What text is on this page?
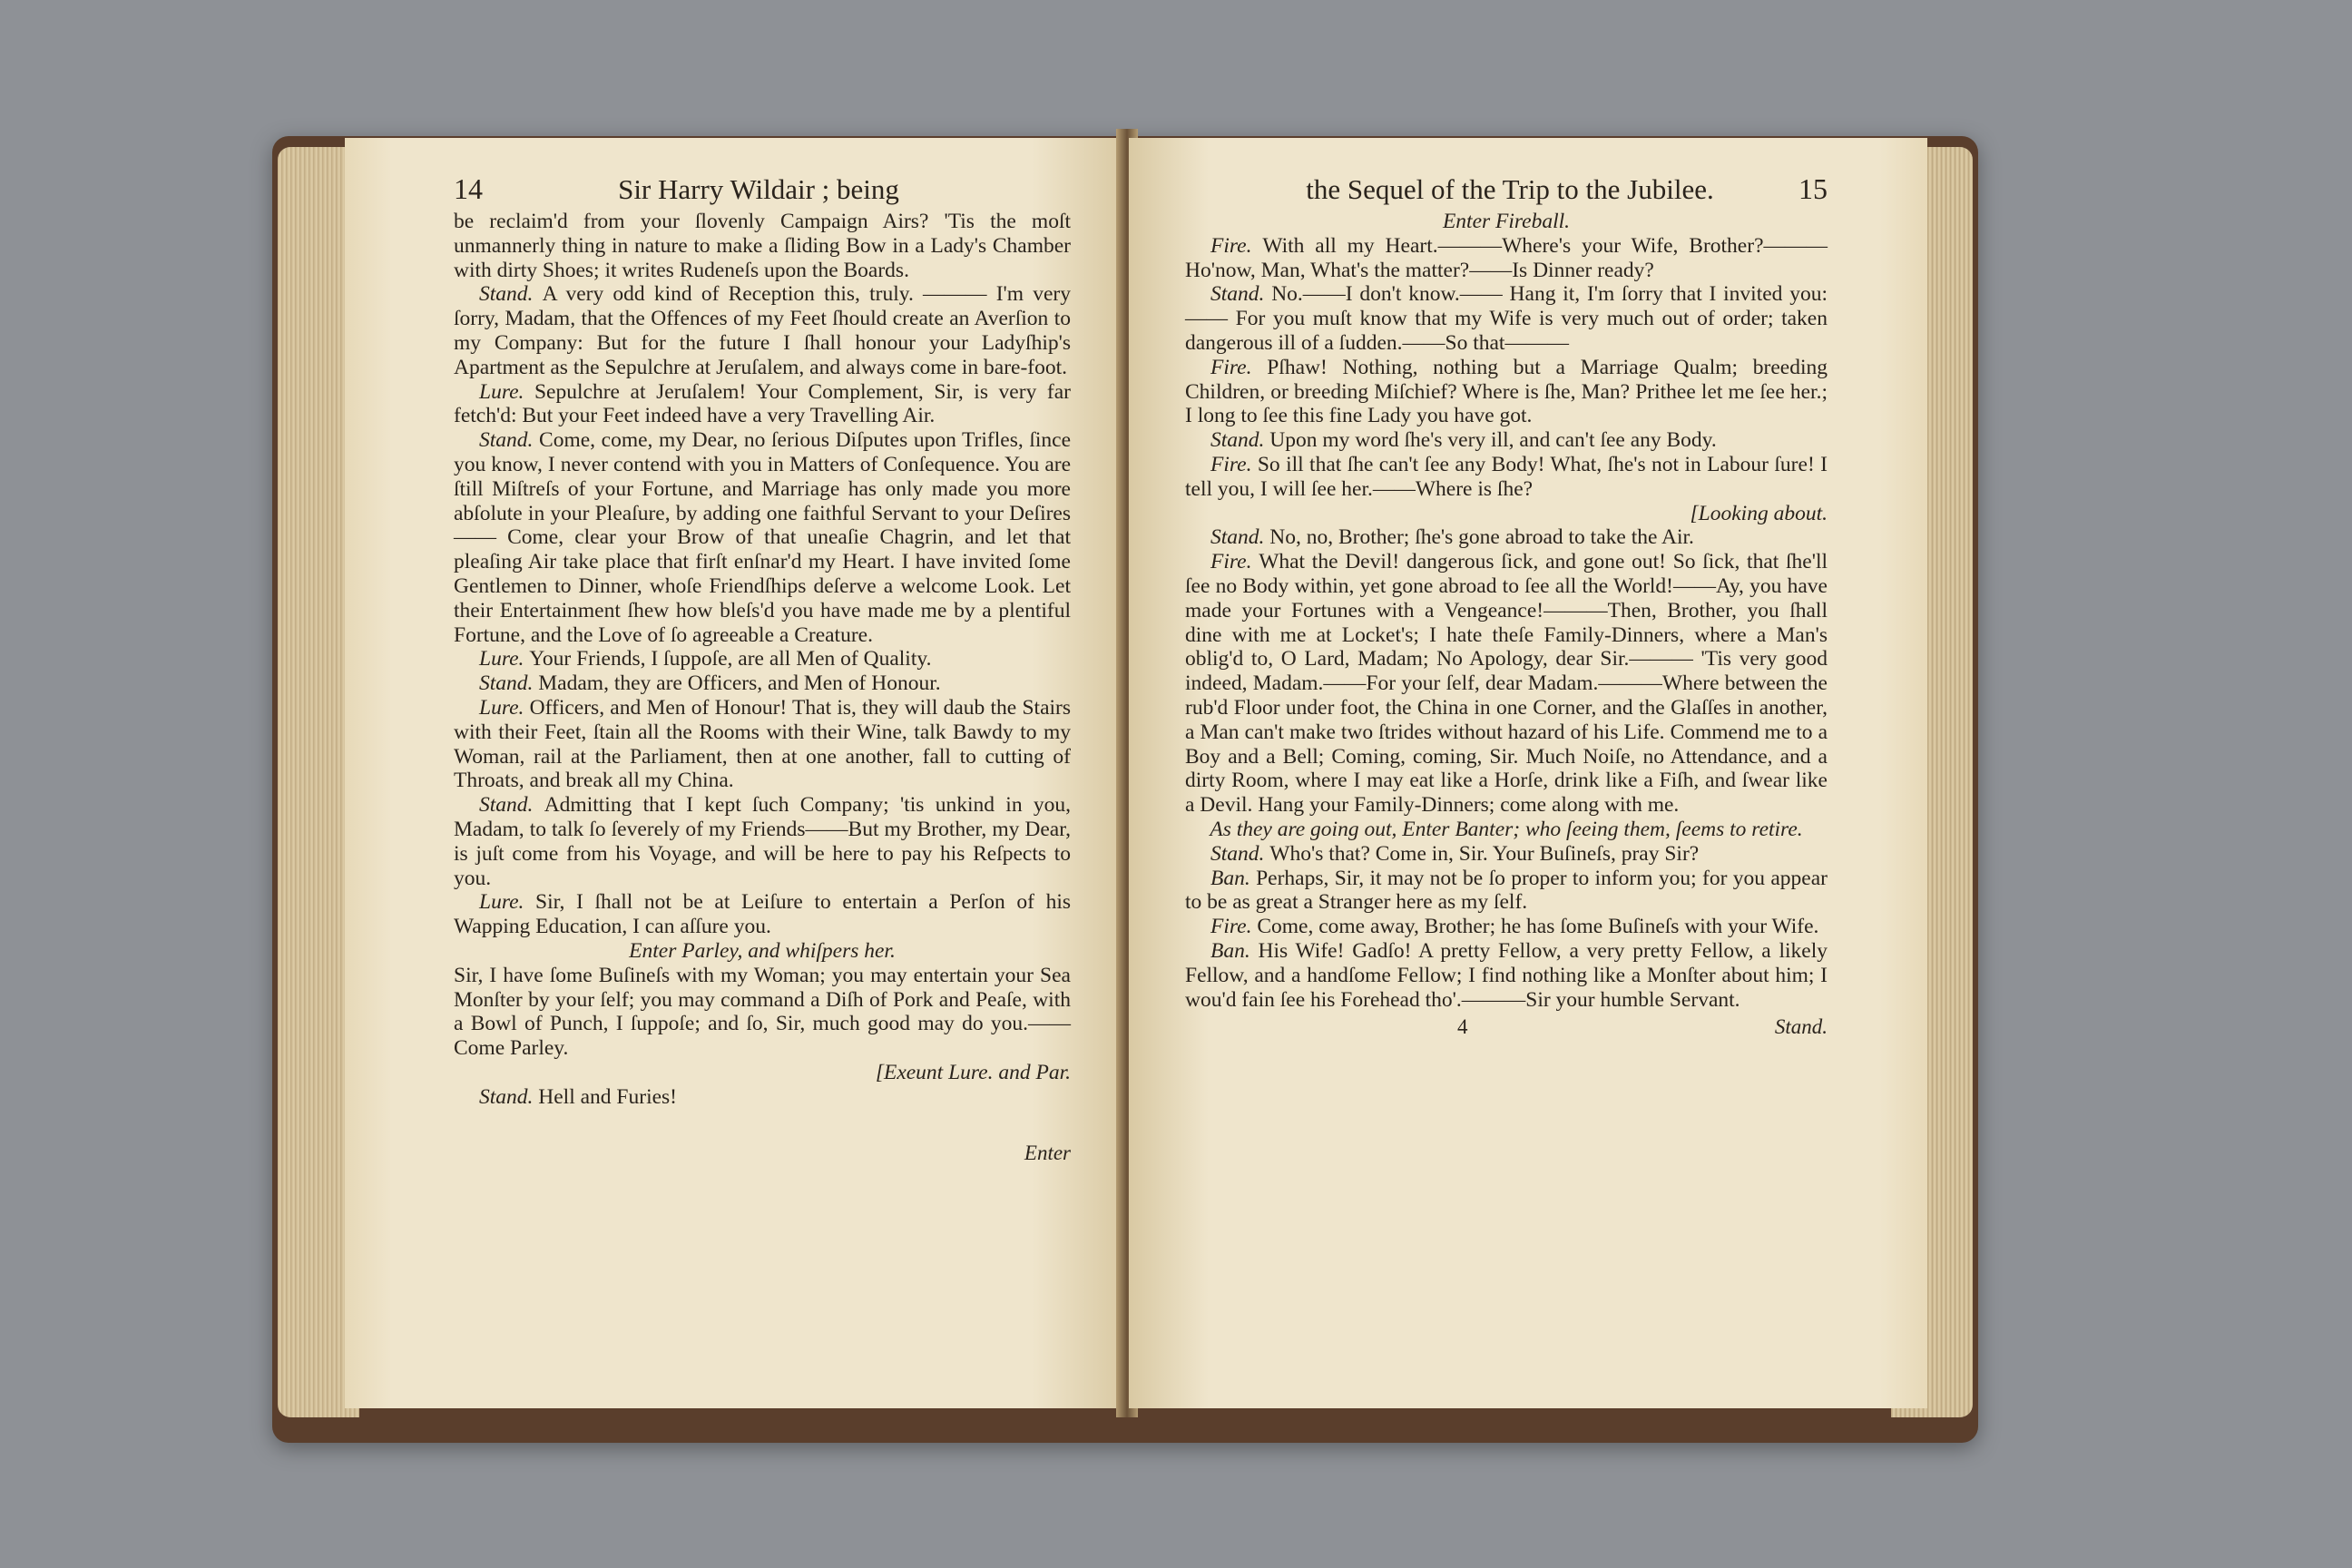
14	Sir Harry Wildair ; being

be reclaim'd from your ſlovenly Campaign Airs? 'Tis the moſt unmannerly thing in nature to make a ſliding Bow in a Lady's Chamber with dirty Shoes; it writes Rudeneſs upon the Boards.

Stand. A very odd kind of Reception this, truly. ——— I'm very ſorry, Madam, that the Offences of my Feet ſhould create an Averſion to my Company: But for the future I ſhall honour your Ladyſhip's Apartment as the Sepulchre at Jeruſalem, and always come in bare-foot.

Lure. Sepulchre at Jeruſalem! Your Complement, Sir, is very far fetch'd: But your Feet indeed have a very Travelling Air.

Stand. Come, come, my Dear, no ſerious Diſputes upon Trifles, ſince you know, I never contend with you in Matters of Conſequence. You are ſtill Miſtreſs of your Fortune, and Marriage has only made you more abſolute in your Pleaſure, by adding one faithful Servant to your Deſires—— Come, clear your Brow of that uneaſie Chagrin, and let that pleaſing Air take place that firſt enſnar'd my Heart. I have invited ſome Gentlemen to Dinner, whoſe Friendſhips deſerve a welcome Look. Let their Entertainment ſhew how bleſs'd you have made me by a plentiful Fortune, and the Love of ſo agreeable a Creature.

Lure. Your Friends, I ſuppoſe, are all Men of Quality.

Stand. Madam, they are Officers, and Men of Honour.

Lure. Officers, and Men of Honour! That is, they will daub the Stairs with their Feet, ſtain all the Rooms with their Wine, talk Bawdy to my Woman, rail at the Parliament, then at one another, fall to cutting of Throats, and break all my China.

Stand. Admitting that I kept ſuch Company; 'tis unkind in you, Madam, to talk ſo ſeverely of my Friends——But my Brother, my Dear, is juſt come from his Voyage, and will be here to pay his Reſpects to you.

Lure. Sir, I ſhall not be at Leiſure to entertain a Perſon of his Wapping Education, I can aſſure you.

Enter Parley, and whiſpers her.

Sir, I have ſome Buſineſs with my Woman; you may entertain your Sea Monſter by your ſelf; you may command a Diſh of Pork and Peaſe, with a Bowl of Punch, I ſuppoſe; and ſo, Sir, much good may do you.——Come Parley.

[Exeunt Lure. and Par.

Stand. Hell and Furies!

Enter
the Sequel of the Trip to the Jubilee.	15

Enter Fireball.

Fire. With all my Heart.———Where's your Wife, Brother?———Ho'now, Man, What's the matter?——Is Dinner ready?

Stand. No.——I don't know.—— Hang it, I'm ſorry that I invited you:—— For you muſt know that my Wife is very much out of order; taken dangerous ill of a ſudden.——So that———

Fire. Pſhaw! Nothing, nothing but a Marriage Qualm; breeding Children, or breeding Miſchief? Where is ſhe, Man? Prithee let me ſee her.; I long to ſee this fine Lady you have got.

Stand. Upon my word ſhe's very ill, and can't ſee any Body.

Fire. So ill that ſhe can't ſee any Body! What, ſhe's not in Labour ſure! I tell you, I will ſee her.——Where is ſhe?

[Looking about.

Stand. No, no, Brother; ſhe's gone abroad to take the Air.

Fire. What the Devil! dangerous ſick, and gone out! So ſick, that ſhe'll ſee no Body within, yet gone abroad to ſee all the World!——Ay, you have made your Fortunes with a Vengeance!———Then, Brother, you ſhall dine with me at Locket's; I hate theſe Family-Dinners, where a Man's oblig'd to, O Lard, Madam; No Apology, dear Sir.——— 'Tis very good indeed, Madam.——For your ſelf, dear Madam.———Where between the rub'd Floor under foot, the China in one Corner, and the Glaſſes in another, a Man can't make two ſtrides without hazard of his Life. Commend me to a Boy and a Bell; Coming, coming, Sir. Much Noiſe, no Attendance, and a dirty Room, where I may eat like a Horſe, drink like a Fiſh, and ſwear like a Devil. Hang your Family-Dinners; come along with me.

As they are going out, Enter Banter; who ſeeing them, ſeems to retire.

Stand. Who's that? Come in, Sir. Your Buſineſs, pray Sir?

Ban. Perhaps, Sir, it may not be ſo proper to inform you; for you appear to be as great a Stranger here as my ſelf.

Fire. Come, come away, Brother; he has ſome Buſineſs with your Wife.

Ban. His Wife! Gadſo! A pretty Fellow, a very pretty Fellow, a likely Fellow, and a handſome Fellow; I find nothing like a Monſter about him; I wou'd fain ſee his Forehead tho'.———Sir your humble Servant.

4	Stand.
